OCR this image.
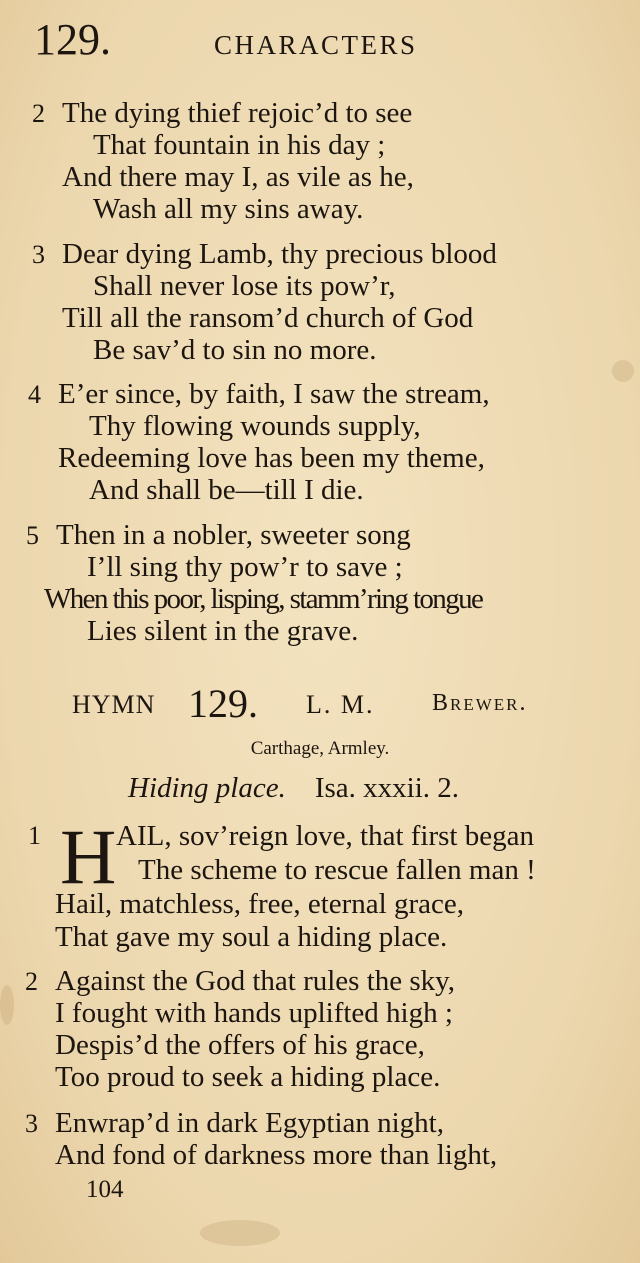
129.	CHARACTERS
2 The dying thief rejoic’d to see
That fountain in his day ;
And there may I, as vile as he,
Wash all my sins away.
3 Dear dying Lamb, thy precious blood
Shall never lose its pow’r,
Till all the ransom’d church of God
Be sav’d to sin no more.
4 E’er since, by faith, I saw the stream,
Thy flowing wounds supply,
Redeeming love has been my theme,
And shall be—till I die.
5 Then in a nobler, sweeter song
I’ll sing thy pow’r to save ;
When this poor, lisping, stamm’ring tongue
Lies silent in the grave.
HYMN 129. L. M. Brewer.
Carthage, Armley.
Hiding place. Isa. xxxii. 2.
1	AIL, sov’reign love, that first began
The scheme to rescue fallen man !
Hail, matchless, free, eternal grace,
That gave my soul a hiding place.
H
2 Against the God that rules the sky,
I fought with hands uplifted high ;
Despis’d the offers of his grace,
Too proud to seek a hiding place.
3 Enwrap’d in dark Egyptian night,
And fond of darkness more than light,
104
